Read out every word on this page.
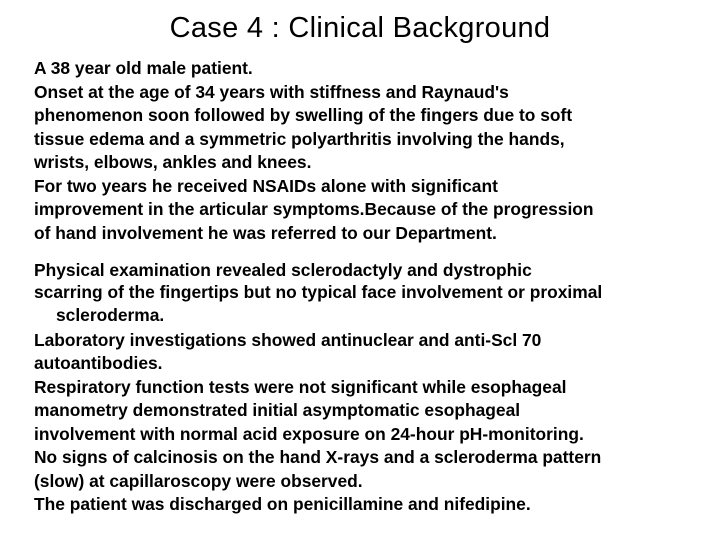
Case 4 : Clinical Background
A 38 year old male patient.
Onset at the age of 34 years with stiffness and Raynaud's
phenomenon soon followed by swelling of the fingers due to soft
tissue edema and a symmetric polyarthritis involving the hands,
wrists, elbows, ankles and knees.
For two years he received NSAIDs alone with significant
improvement in the articular symptoms.Because of the progression
of hand involvement he was referred to our Department.
Physical examination revealed sclerodactyly and dystrophic
scarring of the fingertips but no typical face involvement or proximal
scleroderma.
Laboratory investigations showed antinuclear and anti-Scl 70
autoantibodies.
Respiratory function tests were not significant while esophageal
manometry demonstrated initial asymptomatic esophageal
involvement with normal acid exposure on 24-hour pH-monitoring.
No signs of calcinosis on the hand X-rays and a scleroderma pattern
(slow) at capillaroscopy were observed.
The patient was discharged on penicillamine and nifedipine.
